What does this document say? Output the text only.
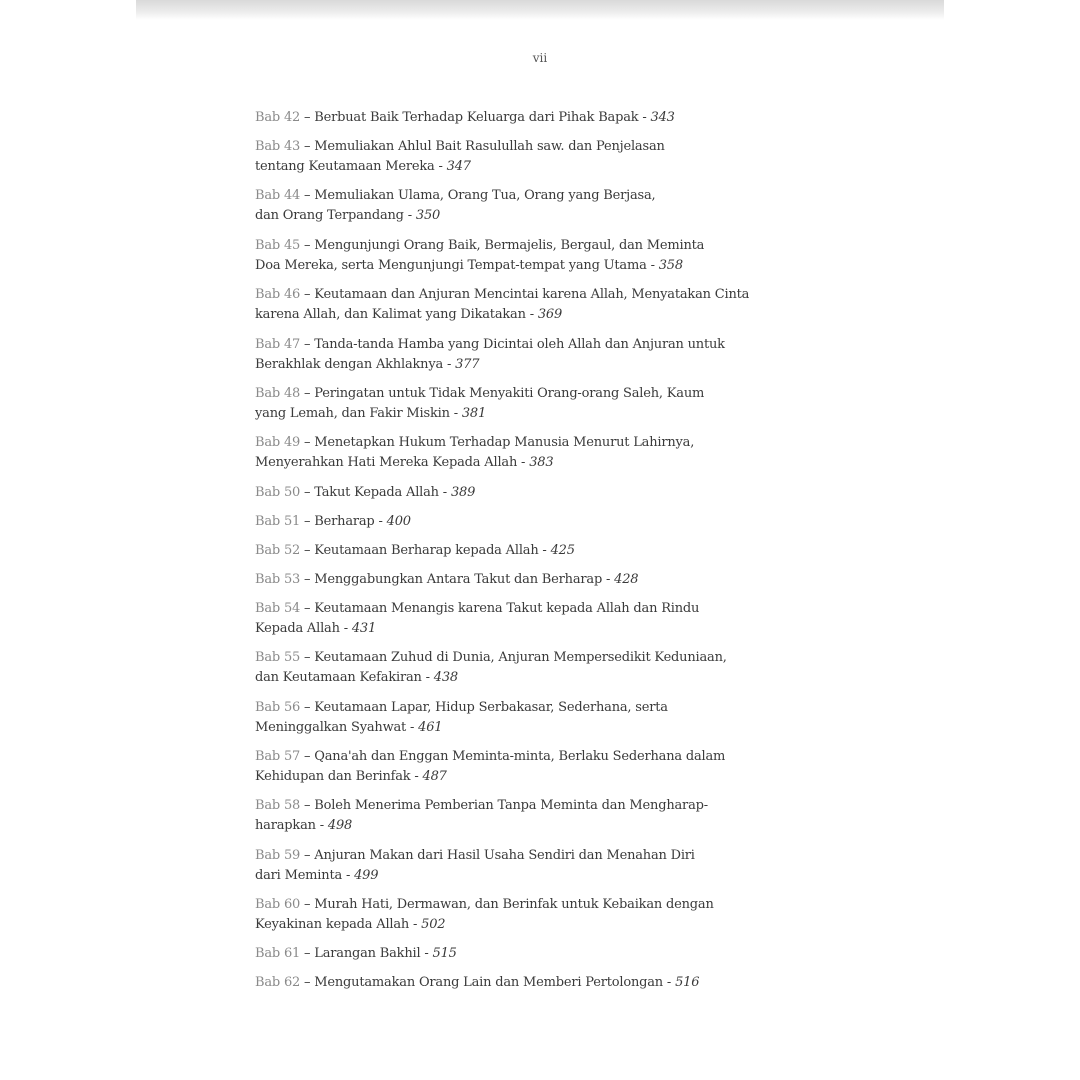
vii
Bab 42 – Berbuat Baik Terhadap Keluarga dari Pihak Bapak - 343
Bab 43 – Memuliakan Ahlul Bait Rasulullah saw. dan Penjelasan
tentang Keutamaan Mereka - 347
Bab 44 – Memuliakan Ulama, Orang Tua, Orang yang Berjasa,
dan Orang Terpandang - 350
Bab 45 – Mengunjungi Orang Baik, Bermajelis, Bergaul, dan Meminta
Doa Mereka, serta Mengunjungi Tempat-tempat yang Utama - 358
Bab 46 – Keutamaan dan Anjuran Mencintai karena Allah, Menyatakan Cinta
karena Allah, dan Kalimat yang Dikatakan - 369
Bab 47 – Tanda-tanda Hamba yang Dicintai oleh Allah dan Anjuran untuk
Berakhlak dengan Akhlaknya - 377
Bab 48 – Peringatan untuk Tidak Menyakiti Orang-orang Saleh, Kaum
yang Lemah, dan Fakir Miskin - 381
Bab 49 – Menetapkan Hukum Terhadap Manusia Menurut Lahirnya,
Menyerahkan Hati Mereka Kepada Allah - 383
Bab 50 – Takut Kepada Allah - 389
Bab 51 – Berharap - 400
Bab 52 – Keutamaan Berharap kepada Allah - 425
Bab 53 – Menggabungkan Antara Takut dan Berharap - 428
Bab 54 – Keutamaan Menangis karena Takut kepada Allah dan Rindu
Kepada Allah - 431
Bab 55 – Keutamaan Zuhud di Dunia, Anjuran Mempersedikit Keduniaan,
dan Keutamaan Kefakiran - 438
Bab 56 – Keutamaan Lapar, Hidup Serbakasar, Sederhana, serta
Meninggalkan Syahwat - 461
Bab 57 – Qana'ah dan Enggan Meminta-minta, Berlaku Sederhana dalam
Kehidupan dan Berinfak - 487
Bab 58 – Boleh Menerima Pemberian Tanpa Meminta dan Mengharap-
harapkan - 498
Bab 59 – Anjuran Makan dari Hasil Usaha Sendiri dan Menahan Diri
dari Meminta - 499
Bab 60 – Murah Hati, Dermawan, dan Berinfak untuk Kebaikan dengan
Keyakinan kepada Allah - 502
Bab 61 – Larangan Bakhil - 515
Bab 62 – Mengutamakan Orang Lain dan Memberi Pertolongan - 516
